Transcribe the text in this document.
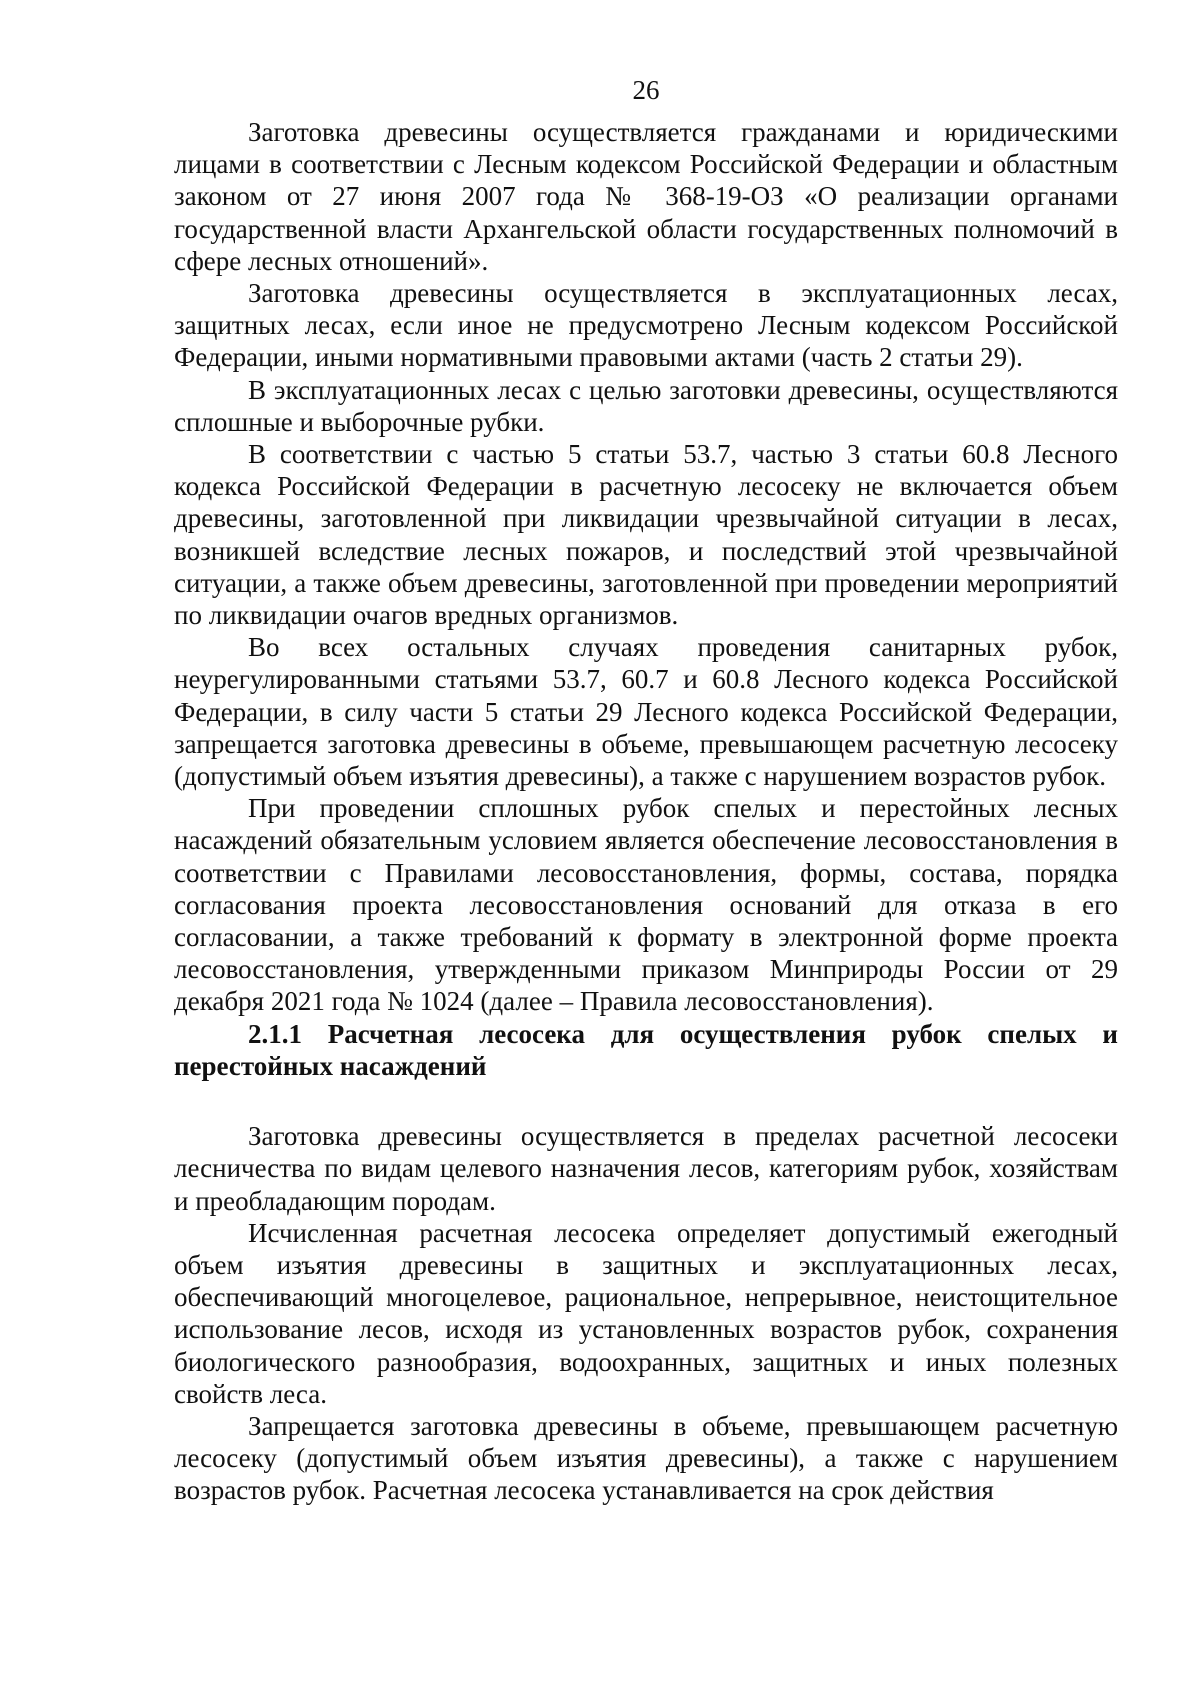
26

Заготовка древесины осуществляется гражданами и юридическими лицами в соответствии с Лесным кодексом Российской Федерации и областным законом от 27 июня 2007 года № 368-19-ОЗ «О реализации органами государственной власти Архангельской области государственных полномочий в сфере лесных отношений».

Заготовка древесины осуществляется в эксплуатационных лесах, защитных лесах, если иное не предусмотрено Лесным кодексом Российской Федерации, иными нормативными правовыми актами (часть 2 статьи 29).

В эксплуатационных лесах с целью заготовки древесины, осуществляются сплошные и выборочные рубки.

В соответствии с частью 5 статьи 53.7, частью 3 статьи 60.8 Лесного кодекса Российской Федерации в расчетную лесосеку не включается объем древесины, заготовленной при ликвидации чрезвычайной ситуации в лесах, возникшей вследствие лесных пожаров, и последствий этой чрезвычайной ситуации, а также объем древесины, заготовленной при проведении мероприятий по ликвидации очагов вредных организмов.

Во всех остальных случаях проведения санитарных рубок, неурегулированными статьями 53.7, 60.7 и 60.8 Лесного кодекса Российской Федерации, в силу части 5 статьи 29 Лесного кодекса Российской Федерации, запрещается заготовка древесины в объеме, превышающем расчетную лесосеку (допустимый объем изъятия древесины), а также с нарушением возрастов рубок.

При проведении сплошных рубок спелых и перестойных лесных насаждений обязательным условием является обеспечение лесовосстановления в соответствии с Правилами лесовосстановления, формы, состава, порядка согласования проекта лесовосстановления оснований для отказа в его согласовании, а также требований к формату в электронной форме проекта лесовосстановления, утвержденными приказом Минприроды России от 29 декабря 2021 года № 1024 (далее – Правила лесовосстановления).

2.1.1 Расчетная лесосека для осуществления рубок спелых и перестойных насаждений

Заготовка древесины осуществляется в пределах расчетной лесосеки лесничества по видам целевого назначения лесов, категориям рубок, хозяйствам и преобладающим породам.

Исчисленная расчетная лесосека определяет допустимый ежегодный объем изъятия древесины в защитных и эксплуатационных лесах, обеспечивающий многоцелевое, рациональное, непрерывное, неистощительное использование лесов, исходя из установленных возрастов рубок, сохранения биологического разнообразия, водоохранных, защитных и иных полезных свойств леса.

Запрещается заготовка древесины в объеме, превышающем расчетную лесосеку (допустимый объем изъятия древесины), а также с нарушением возрастов рубок. Расчетная лесосека устанавливается на срок действия
